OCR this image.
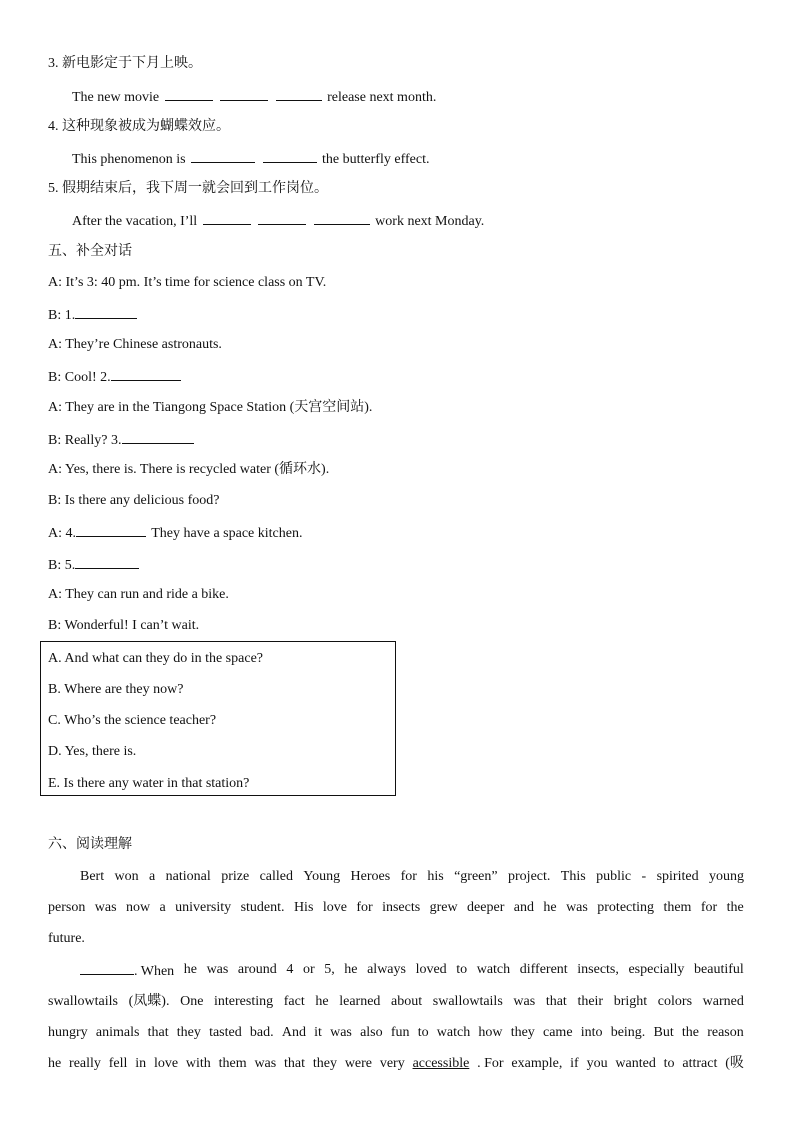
3. 新电影定于下月上映。
The new movie	release next month.
4. 这种现象被成为蝴蝶效应。
This phenomenon is	the butterfly effect.
5. 假期结束后，我下周一就会回到工作岗位。
After the vacation, I’ll	work next Monday.
五、补全对话
A: It’s 3: 40 pm. It’s time for science class on TV.
B: 1.
A: They’re Chinese astronauts.
B: Cool! 2.
A: They are in the Tiangong Space Station (天宫空间站).
B: Really? 3.
A: Yes, there is. There is recycled water (循环水).
B: Is there any delicious food?
A: 4.	They have a space kitchen.
B: 5.
A: They can run and ride a bike.
B: Wonderful! I can’t wait.
A. And what can they do in the space?
B. Where are they now?
C. Who’s the science teacher?
D. Yes, there is.
E. Is there any water in that station?
六、阅读理解
Bert won a national prize called Young Heroes for his “green” project. This public - spirited young
person was now a university student. His love for insects grew deeper and he was protecting them for the
future.
. When he was around 4 or 5, he always loved to watch different insects, especially beautiful
swallowtails (凤蝶). One interesting fact he learned about swallowtails was that their bright colors warned
hungry animals that they tasted bad. And it was also fun to watch how they came into being. But the reason
he really fell in love with them was that they were very accessible . For example, if you wanted to attract (吸
